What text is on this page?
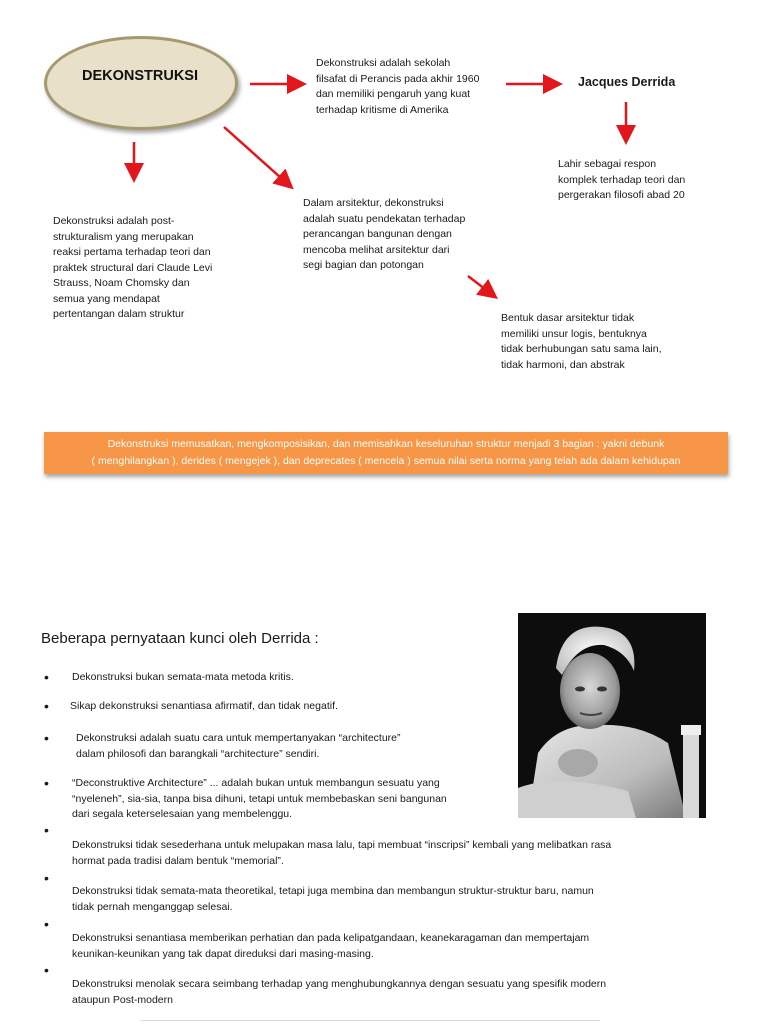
DEKONSTRUKSI
Dekonstruksi adalah sekolah
filsafat di Perancis pada akhir 1960
dan memiliki pengaruh yang kuat
terhadap kritisme di Amerika
Jacques Derrida
Lahir sebagai respon
komplek terhadap teori dan
pergerakan filosofi abad 20
Dekonstruksi adalah post-
strukturalism yang merupakan
reaksi pertama terhadap teori dan
praktek structural dari Claude Levi
Strauss, Noam Chomsky dan
semua yang mendapat
pertentangan dalam struktur
Dalam arsitektur, dekonstruksi
adalah suatu pendekatan terhadap
perancangan bangunan dengan
mencoba melihat arsitektur dari
segi bagian dan potongan
Bentuk dasar arsitektur tidak
memiliki unsur logis, bentuknya
tidak berhubungan satu sama lain,
tidak harmoni, dan abstrak
Dekonstruksi memusatkan, mengkomposisikan, dan memisahkan keseluruhan struktur menjadi 3 bagian : yakni debunk
( menghilangkan ), derides ( mengejek ), dan deprecates ( mencela ) semua nilai serta norma yang telah ada dalam kehidupan
Beberapa pernyataan kunci oleh Derrida :
• Dekonstruksi bukan semata-mata metoda kritis.
• Sikap dekonstruksi senantiasa afirmatif, dan tidak negatif.
•	Dekonstruksi adalah suatu cara untuk mempertanyakan “architecture”
dalam philosofi dan barangkali “architecture” sendiri.
• “Deconstruktive Architecture” ... adalah bukan untuk membangun sesuatu yang
“nyeleneh”, sia-sia, tanpa bisa dihuni, tetapi untuk membebaskan seni bangunan
dari segala keterselesaian yang membelenggu.
•
Dekonstruksi tidak sesederhana untuk melupakan masa lalu, tapi membuat “inscripsi” kembali yang melibatkan rasa
hormat pada tradisi dalam bentuk “memorial”.
•
Dekonstruksi tidak semata-mata theoretikal, tetapi juga membina dan membangun struktur-struktur baru, namun
tidak pernah menganggap selesai.
•
Dekonstruksi senantiasa memberikan perhatian dan pada kelipatgandaan, keanekaragaman dan mempertajam
keunikan-keunikan yang tak dapat direduksi dari masing-masing.
•
Dekonstruksi menolak secara seimbang terhadap yang menghubungkannya dengan sesuatu yang spesifik modern
ataupun Post-modern
